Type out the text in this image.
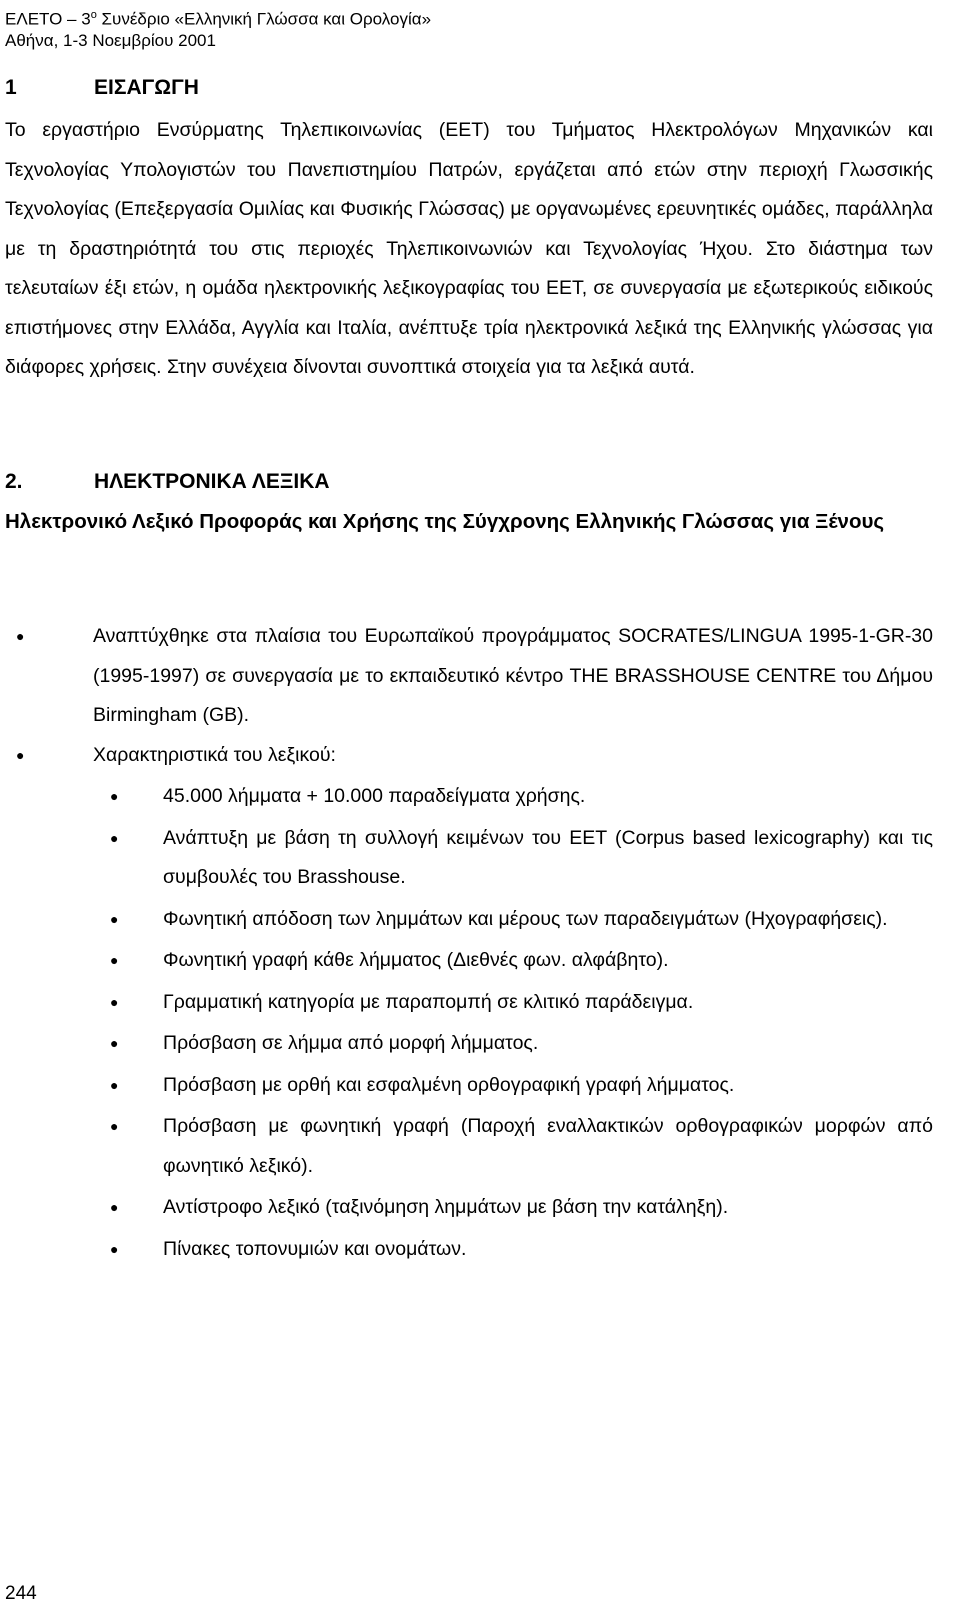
ΕΛΕΤΟ – $3^o$ Συνέδριο «Ελληνική Γλώσσα και Ορολογία»
Αθήνα, 1-3 Νοεμβρίου 2001
1	ΕΙΣΑΓΩΓΗ

Το εργαστήριο Ενσύρματης Τηλεπικοινωνίας (ΕΕΤ) του Τμήματος Ηλεκτρολόγων Μηχανικών και Τεχνολογίας Υπολογιστών του Πανεπιστημίου Πατρών, εργάζεται από ετών στην περιοχή Γλωσσικής Τεχνολογίας (Επεξεργασία Ομιλίας και Φυσικής Γλώσσας) με οργανωμένες ερευνητικές ομάδες, παράλληλα με τη δραστηριότητά του στις περιοχές Τηλεπικοινωνιών και Τεχνολογίας Ήχου. Στο διάστημα των τελευταίων έξι ετών, η ομάδα ηλεκτρονικής λεξικογραφίας του ΕΕΤ, σε συνεργασία με εξωτερικούς ειδικούς επιστήμονες στην Ελλάδα, Αγγλία και Ιταλία, ανέπτυξε τρία ηλεκτρονικά λεξικά της Ελληνικής γλώσσας για διάφορες χρήσεις. Στην συνέχεια δίνονται συνοπτικά στοιχεία για τα λεξικά αυτά.

2.	ΗΛΕΚΤΡΟΝΙΚΑ ΛΕΞΙΚΑ

Ηλεκτρονικό Λεξικό Προφοράς και Χρήσης της Σύγχρονης Ελληνικής Γλώσσας για Ξένους

●	Αναπτύχθηκε στα πλαίσια του Ευρωπαϊκού προγράμματος SOCRATES/LINGUA 1995-1-GR-30 (1995-1997) σε συνεργασία με το εκπαιδευτικό κέντρο THE BRASSHOUSE CENTRE του Δήμου Birmingham (GB).
●	Χαρακτηριστικά του λεξικού:
● 45.000 λήμματα + 10.000 παραδείγματα χρήσης.
● Ανάπτυξη με βάση τη συλλογή κειμένων του ΕΕΤ (Corpus based lexicography) και τις συμβουλές του Brasshouse.
● Φωνητική απόδοση των λημμάτων και μέρους των παραδειγμάτων (Ηχογραφήσεις).
● Φωνητική γραφή κάθε λήμματος (Διεθνές φων. αλφάβητο).
● Γραμματική κατηγορία με παραπομπή σε κλιτικό παράδειγμα.
● Πρόσβαση σε λήμμα από μορφή λήμματος.
● Πρόσβαση με ορθή και εσφαλμένη ορθογραφική γραφή λήμματος.
● Πρόσβαση με φωνητική γραφή (Παροχή εναλλακτικών ορθογραφικών μορφών από φωνητικό λεξικό).
● Αντίστροφο λεξικό (ταξινόμηση λημμάτων με βάση την κατάληξη).
● Πίνακες τοπονυμιών και ονομάτων.
244
